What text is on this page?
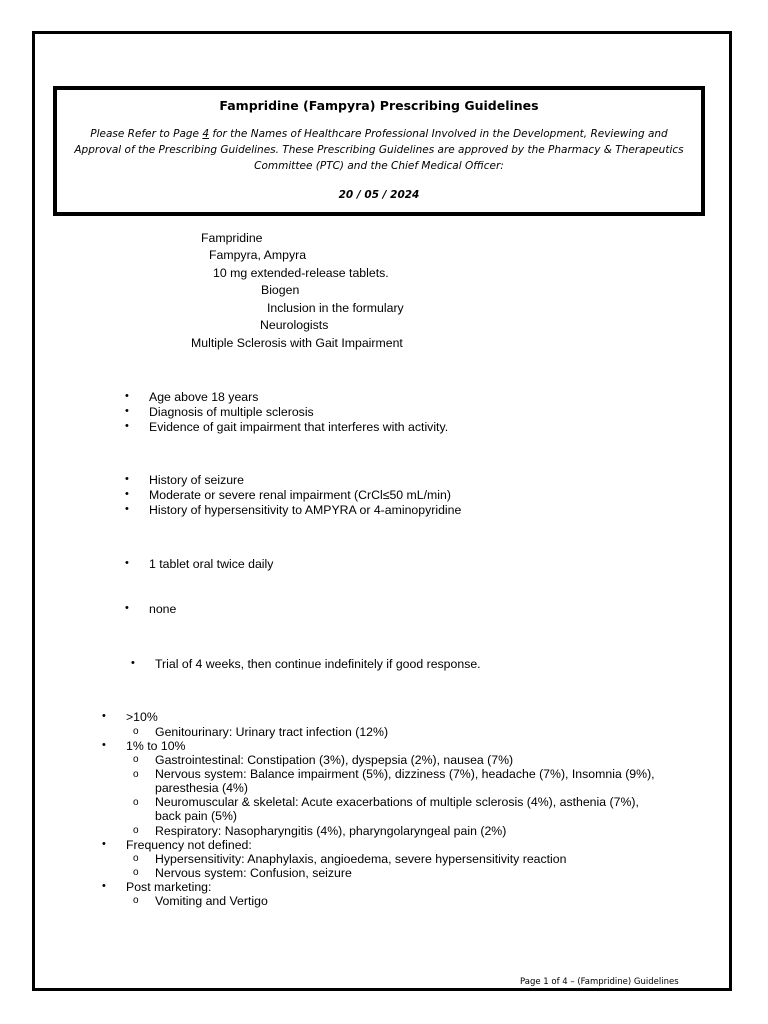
Fampridine (Fampyra) Prescribing Guidelines
Please Refer to Page 4 for the Names of Healthcare Professional Involved in the Development, Reviewing and Approval of the Prescribing Guidelines. These Prescribing Guidelines are approved by the Pharmacy & Therapeutics Committee (PTC) and the Chief Medical Officer:
20 / 05 / 2024
Fampridine
Fampyra, Ampyra
10 mg extended-release tablets.
Biogen
Inclusion in the formulary
Neurologists
Multiple Sclerosis with Gait Impairment
• Age above 18 years
• Diagnosis of multiple sclerosis
• Evidence of gait impairment that interferes with activity.
• History of seizure
• Moderate or severe renal impairment (CrCl≤50 mL/min)
• History of hypersensitivity to AMPYRA or 4-aminopyridine
• 1 tablet oral twice daily
• none
• Trial of 4 weeks, then continue indefinitely if good response.
• >10%
o Genitourinary: Urinary tract infection (12%)
• 1% to 10%
o Gastrointestinal: Constipation (3%), dyspepsia (2%), nausea (7%)
o Nervous system: Balance impairment (5%), dizziness (7%), headache (7%), Insomnia (9%), paresthesia (4%)
o Neuromuscular & skeletal: Acute exacerbations of multiple sclerosis (4%), asthenia (7%), back pain (5%)
o Respiratory: Nasopharyngitis (4%), pharyngolaryngeal pain (2%)
• Frequency not defined:
o Hypersensitivity: Anaphylaxis, angioedema, severe hypersensitivity reaction
o Nervous system: Confusion, seizure
• Post marketing:
o Vomiting and Vertigo
Page 1 of 4 – (Fampridine) Guidelines
